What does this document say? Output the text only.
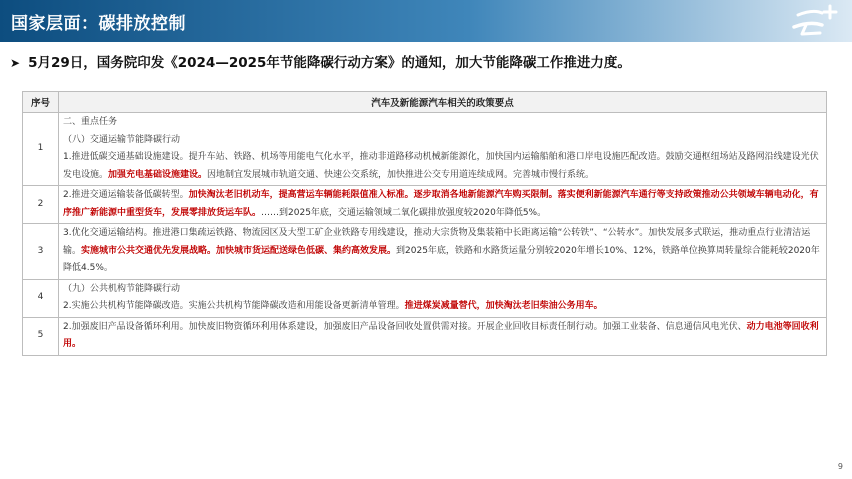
国家层面：碳排放控制
➤ 5月29日，国务院印发《2024—2025年节能降碳行动方案》的通知，加大节能降碳工作推进力度。
序号	汽车及新能源汽车相关的政策要点
1	二、重点任务
（八）交通运输节能降碳行动
1.推进低碳交通基础设施建设。提升车站、铁路、机场等用能电气化水平，推动非道路移动机械新能源化，加快国内运输船舶和港口岸电设施匹配改造。鼓励交通枢纽场站及路网沿线建设光伏发电设施。加强充电基础设施建设。因地制宜发展城市轨道交通、快速公交系统，加快推进公交专用道连续成网。完善城市慢行系统。

2	2.推进交通运输装备低碳转型。加快淘汰老旧机动车，提高营运车辆能耗限值准入标准。逐步取消各地新能源汽车购买限制。落实便利新能源汽车通行等支持政策推动公共领域车辆电动化，有序推广新能源中重型货车，发展零排放货运车队。……到2025年底，交通运输领域二氧化碳排放强度较2020年降低5%。

3	3.优化交通运输结构。推进港口集疏运铁路、物流园区及大型工矿企业铁路专用线建设，推动大宗货物及集装箱中长距离运输“公转铁”、“公转水”。加快发展多式联运，推动重点行业清洁运输。实施城市公共交通优先发展战略。加快城市货运配送绿色低碳、集约高效发展。到2025年底，铁路和水路货运量分别较2020年增长10%、12%，铁路单位换算周转量综合能耗较2020年降低4.5%。

4	（九）公共机构节能降碳行动
2.实施公共机构节能降碳改造。实施公共机构节能降碳改造和用能设备更新清单管理。推进煤炭减量替代，加快淘汰老旧柴油公务用车。

5	2.加强废旧产品设备循环利用。加快废旧物资循环利用体系建设，加强废旧产品设备回收处置供需对接。开展企业回收目标责任制行动。加强工业装备、信息通信风电光伏、动力电池等回收利用。
9
